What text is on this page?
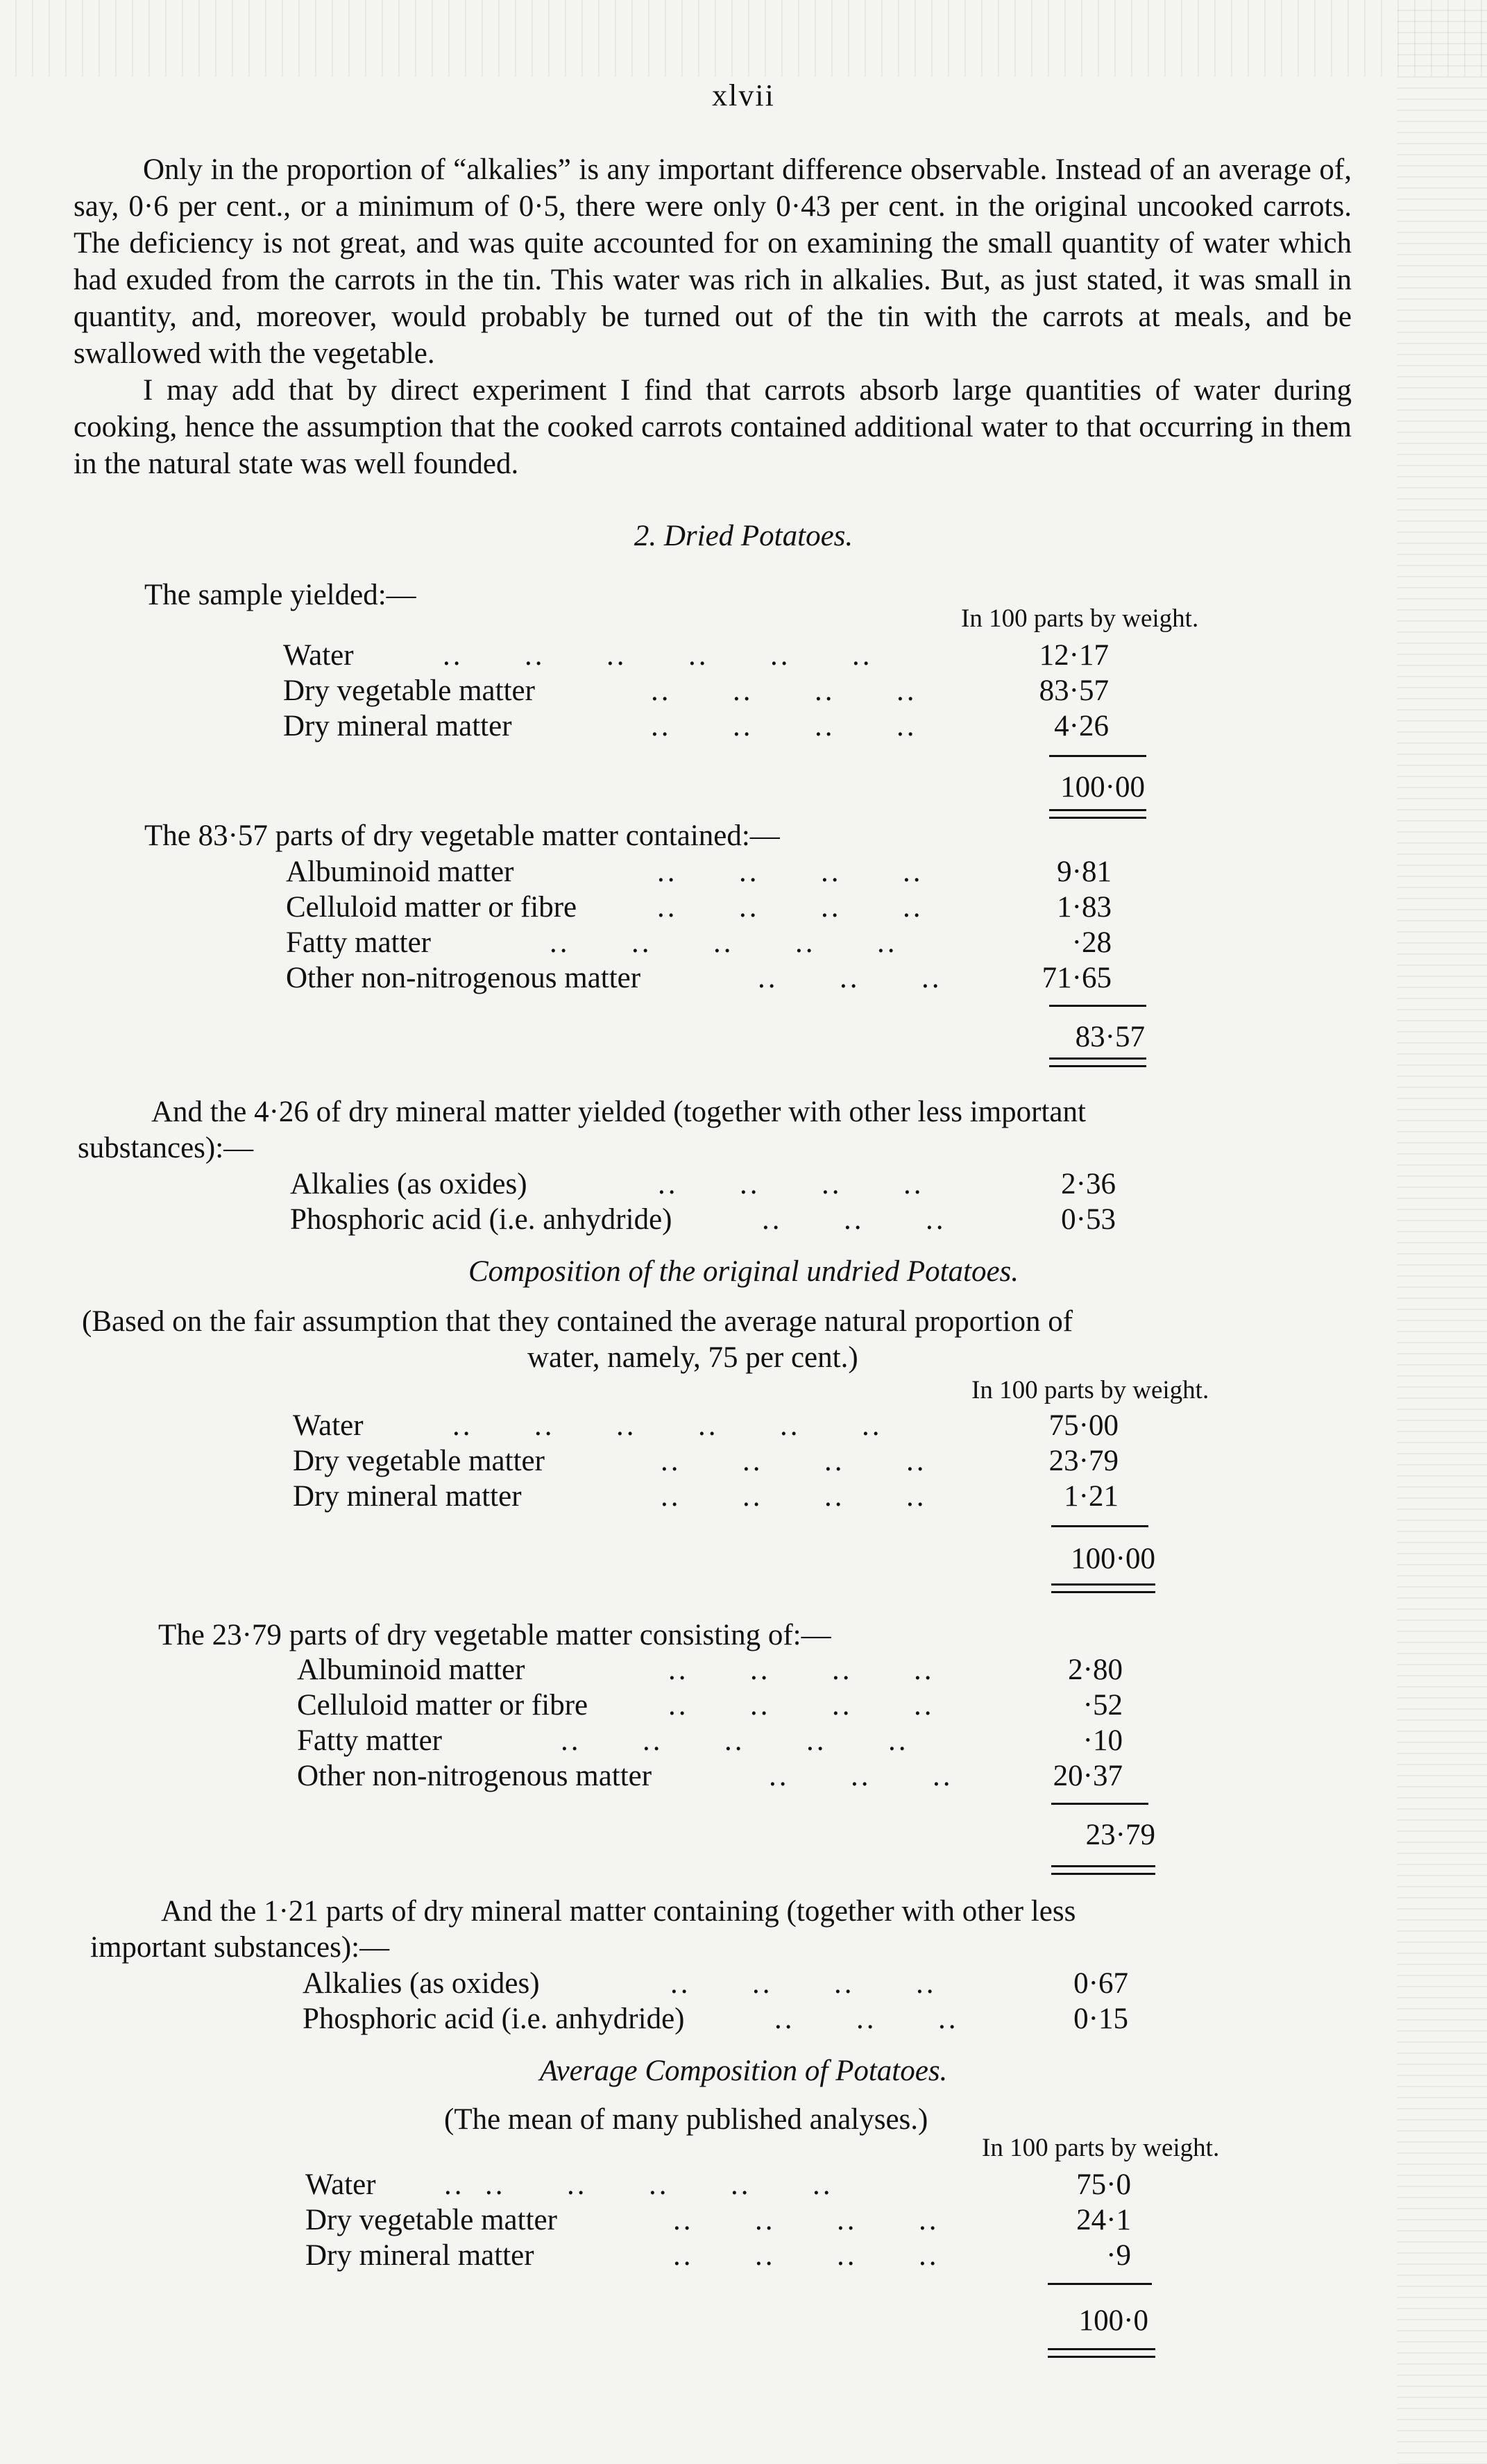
xlvii

Only in the proportion of “alkalies” is any important difference observable. Instead of an average of, say, 0·6 per cent., or a minimum of 0·5, there were only 0·43 per cent. in the original uncooked carrots. The deficiency is not great, and was quite accounted for on examining the small quantity of water which had exuded from the carrots in the tin. This water was rich in alkalies. But, as just stated, it was small in quantity, and, moreover, would probably be turned out of the tin with the carrots at meals, and be swallowed with the vegetable.

I may add that by direct experiment I find that carrots absorb large quantities of water during cooking, hence the assumption that the cooked carrots contained additional water to that occurring in them in the natural state was well founded.

2. Dried Potatoes.
The sample yielded:—
In 100 parts by weight.
Water	..      ..      ..      ..      ..      ..	12·17
Dry vegetable matter	..      ..      ..      ..	83·57
Dry mineral matter	..      ..      ..      ..	4·26
100·00
The 83·57 parts of dry vegetable matter contained:—
Albuminoid matter	..      ..      ..      ..	9·81
Celluloid matter or fibre	..      ..      ..      ..	1·83
Fatty matter	..      ..      ..      ..      ..	·28
Other non-nitrogenous matter	..      ..      ..	71·65
83·57
And the 4·26 of dry mineral matter yielded (together with other less important
substances):—
Alkalies (as oxides)	..      ..      ..      ..	2·36
Phosphoric acid (i.e. anhydride)	..      ..      ..	0·53
Composition of the original undried Potatoes.
(Based on the fair assumption that they contained the average natural proportion of
water, namely, 75 per cent.)
In 100 parts by weight.
Water	..      ..      ..      ..      ..      ..	75·00
Dry vegetable matter	..      ..      ..      ..	23·79
Dry mineral matter	..      ..      ..      ..	1·21
100·00
The 23·79 parts of dry vegetable matter consisting of:—
Albuminoid matter	..      ..      ..      ..	2·80
Celluloid matter or fibre	..      ..      ..      ..	·52
Fatty matter	..      ..      ..      ..      ..	·10
Other non-nitrogenous matter	..      ..      ..	20·37
23·79
And the 1·21 parts of dry mineral matter containing (together with other less
important substances):—
Alkalies (as oxides)	..      ..      ..      ..	0·67
Phosphoric acid (i.e. anhydride)	..      ..      ..	0·15
Average Composition of Potatoes.
(The mean of many published analyses.)
In 100 parts by weight.
Water ..  ..      ..      ..      ..      ..	75·0
Dry vegetable matter	..      ..      ..      ..	24·1
Dry mineral matter	..      ..      ..      ..	·9
100·0
